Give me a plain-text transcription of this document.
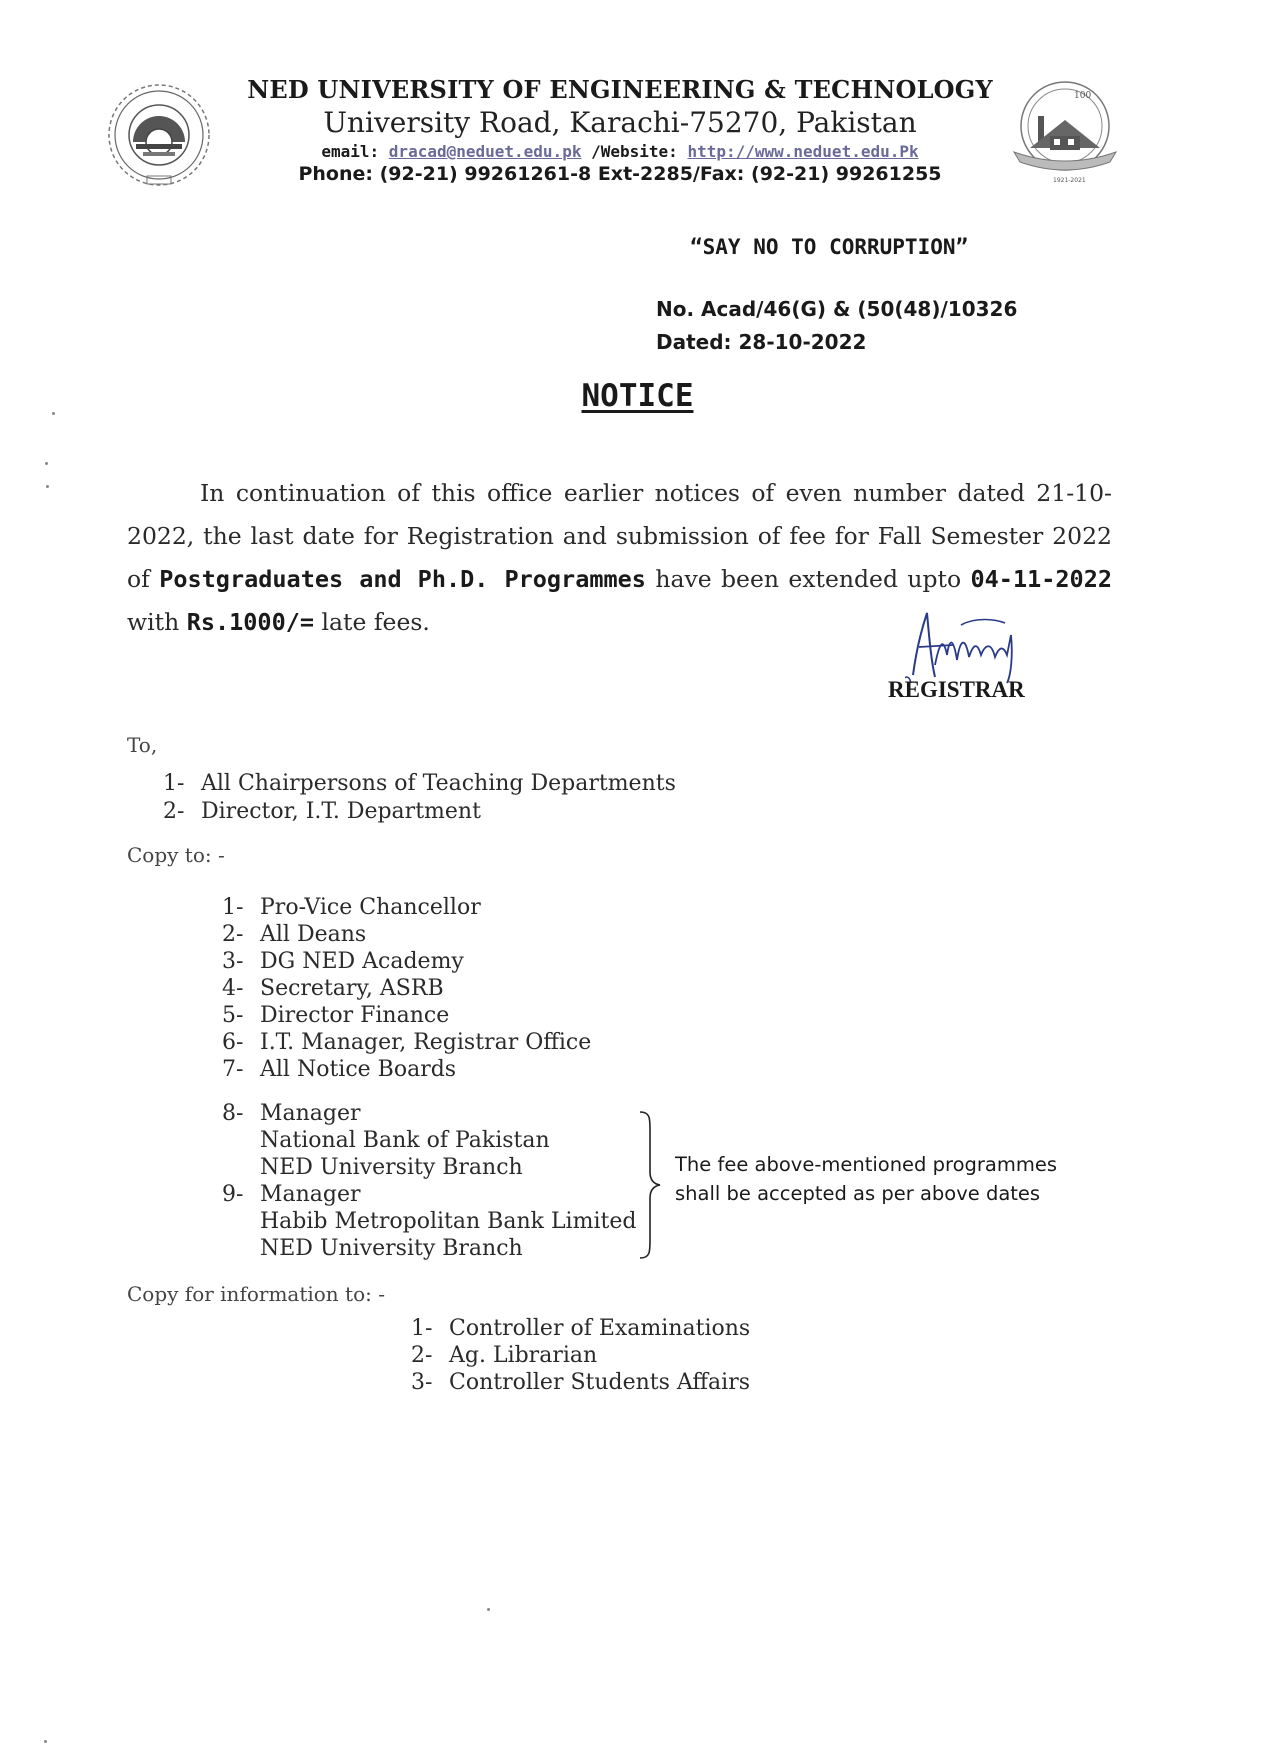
100
1921-2021
NED UNIVERSITY OF ENGINEERING & TECHNOLOGY
University Road, Karachi-75270, Pakistan
email: dracad@neduet.edu.pk /Website: http://www.neduet.edu.Pk
Phone: (92-21) 99261261-8 Ext-2285/Fax: (92-21) 99261255
“SAY NO TO CORRUPTION”
No. Acad/46(G) & (50(48)/10326
Dated: 28-10-2022
NOTICE

In continuation of this office earlier notices of even number dated 21-10-2022, the last date for Registration and submission of fee for Fall Semester 2022 of Postgraduates and Ph.D. Programmes have been extended upto 04-11-2022 with Rs.1000/= late fees.

REGISTRAR
To,
1- All Chairpersons of Teaching Departments
2- Director, I.T. Department
Copy to: -
1- Pro-Vice Chancellor
2- All Deans
3- DG NED Academy
4- Secretary, ASRB
5- Director Finance
6- I.T. Manager, Registrar Office
7- All Notice Boards
8- Manager
National Bank of Pakistan
NED University Branch
9- Manager
Habib Metropolitan Bank Limited
NED University Branch
The fee above-mentioned programmes
shall be accepted as per above dates
Copy for information to: -
1- Controller of Examinations
2- Ag. Librarian
3- Controller Students Affairs
